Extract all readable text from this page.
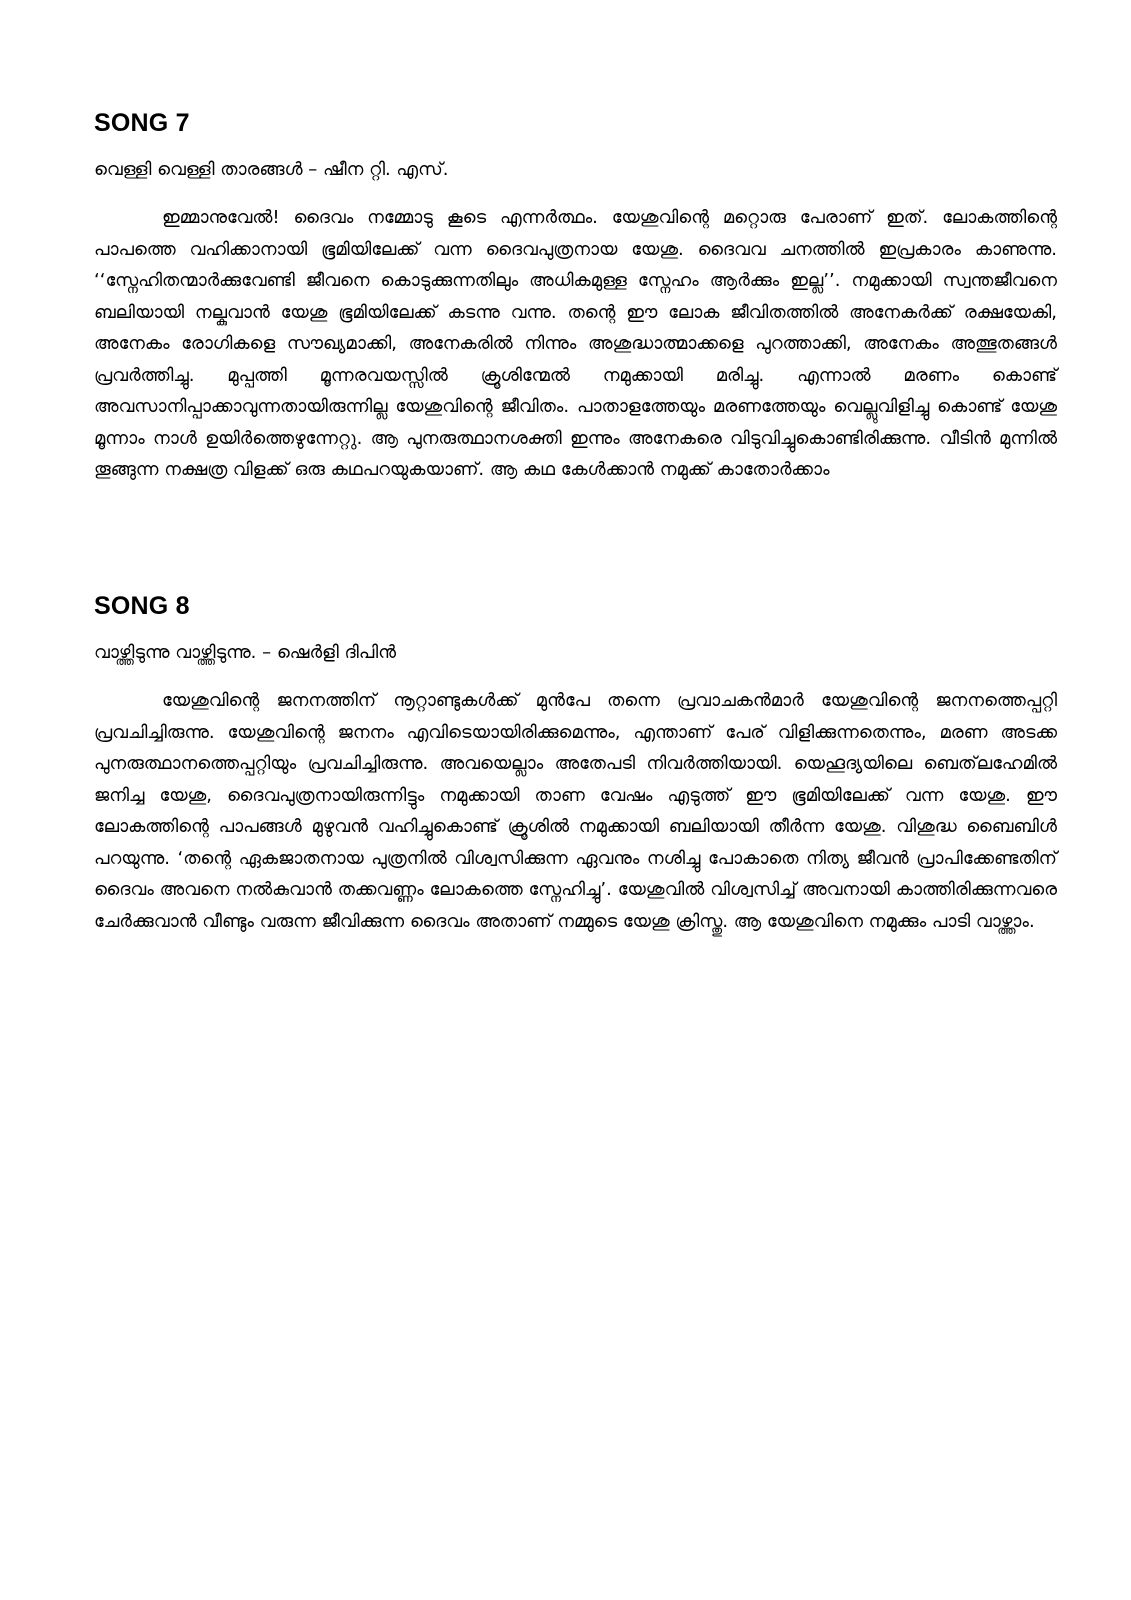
SONG 7

വെള്ളി വെള്ളി താരങ്ങൾ – ഷീന റ്റി. എസ്.

ഇമ്മാനുവേൽ! ദൈവം നമ്മോടു കൂടെ എന്നർത്ഥം. യേശുവിന്റെ മറ്റൊരു പേരാണ് ഇത്. ലോകത്തിന്റെ പാപത്തെ വഹിക്കാനായി ഭൂമിയിലേക്ക് വന്ന ദൈവപുത്രനായ യേശു. ദൈവവ ചനത്തിൽ ഇപ്രകാരം കാണുന്നു. ‘‘സ്നേഹിതന്മാർക്കുവേണ്ടി ജീവനെ കൊടുക്കുന്നതിലും അധികമുള്ള സ്നേഹം ആർക്കും ഇല്ല’’. നമുക്കായി സ്വന്തജീവനെ ബലിയായി നല്കുവാൻ യേശു ഭൂമിയിലേക്ക് കടന്നു വന്നു. തന്റെ ഈ ലോക ജീവിതത്തിൽ അനേകർക്ക് രക്ഷയേകി, അനേകം രോഗികളെ സൗഖ്യമാക്കി, അനേകരിൽ നിന്നും അശുദ്ധാത്മാക്കളെ പുറത്താക്കി, അനേകം അത്ഭുതങ്ങൾ പ്രവർത്തിച്ചു. മുപ്പത്തി മൂന്നരവയസ്സിൽ ക്രൂശിന്മേൽ നമുക്കായി മരിച്ചു. എന്നാൽ മരണം കൊണ്ട് അവസാനിപ്പാക്കാവുന്നതായിരുന്നില്ല യേശുവിന്റെ ജീവിതം. പാതാളത്തേയും മരണത്തേയും വെല്ലുവിളിച്ചു കൊണ്ട് യേശു മൂന്നാം നാൾ ഉയിർത്തെഴുന്നേറ്റു. ആ പുനരുത്ഥാനശക്തി ഇന്നും അനേകരെ വിടുവിച്ചുകൊണ്ടിരിക്കുന്നു. വീടിൻ മുന്നിൽ തൂങ്ങുന്ന നക്ഷത്ര വിളക്ക് ഒരു കഥപറയുകയാണ്. ആ കഥ കേൾക്കാൻ നമുക്ക് കാതോർക്കാം

SONG 8

വാഴ്ത്തിടുന്നു വാഴ്ത്തിടുന്നു. – ഷെർളി ദിപിൻ

യേശുവിന്റെ ജനനത്തിന് നൂറ്റാണ്ടുകൾക്ക് മുൻപേ തന്നെ പ്രവാചകൻമാർ യേശുവിന്റെ ജനനത്തെപ്പറ്റി പ്രവചിച്ചിരുന്നു. യേശുവിന്റെ ജനനം എവിടെയായിരിക്കുമെന്നും, എന്താണ് പേര് വിളിക്കുന്നതെന്നും, മരണ അടക്ക പുനരുത്ഥാനത്തെപ്പറ്റിയും പ്രവചിച്ചിരുന്നു. അവയെല്ലാം അതേപടി നിവർത്തിയായി. യെഹൂദ്യയിലെ ബെത്‌ലഹേമിൽ ജനിച്ച യേശു, ദൈവപുത്രനായിരുന്നിട്ടും നമുക്കായി താണ വേഷം എടുത്ത് ഈ ഭൂമിയിലേക്ക് വന്ന യേശു. ഈ ലോകത്തിന്റെ പാപങ്ങൾ മുഴുവൻ വഹിച്ചുകൊണ്ട് ക്രൂശിൽ നമുക്കായി ബലിയായി തീർന്ന യേശു. വിശുദ്ധ ബൈബിൾ പറയുന്നു. ‘തന്റെ ഏകജാതനായ പുത്രനിൽ വിശ്വസിക്കുന്ന ഏവനും നശിച്ചു പോകാതെ നിത്യ ജീവൻ പ്രാപിക്കേണ്ടതിന് ദൈവം അവനെ നൽകുവാൻ തക്കവണ്ണം ലോകത്തെ സ്നേഹിച്ചു’. യേശുവിൽ വിശ്വസിച്ച് അവനായി കാത്തിരിക്കുന്നവരെ ചേർക്കുവാൻ വീണ്ടും വരുന്ന ജീവിക്കുന്ന ദൈവം അതാണ് നമ്മുടെ യേശു ക്രിസ്തു. ആ യേശുവിനെ നമുക്കും പാടി വാഴ്ത്താം.
